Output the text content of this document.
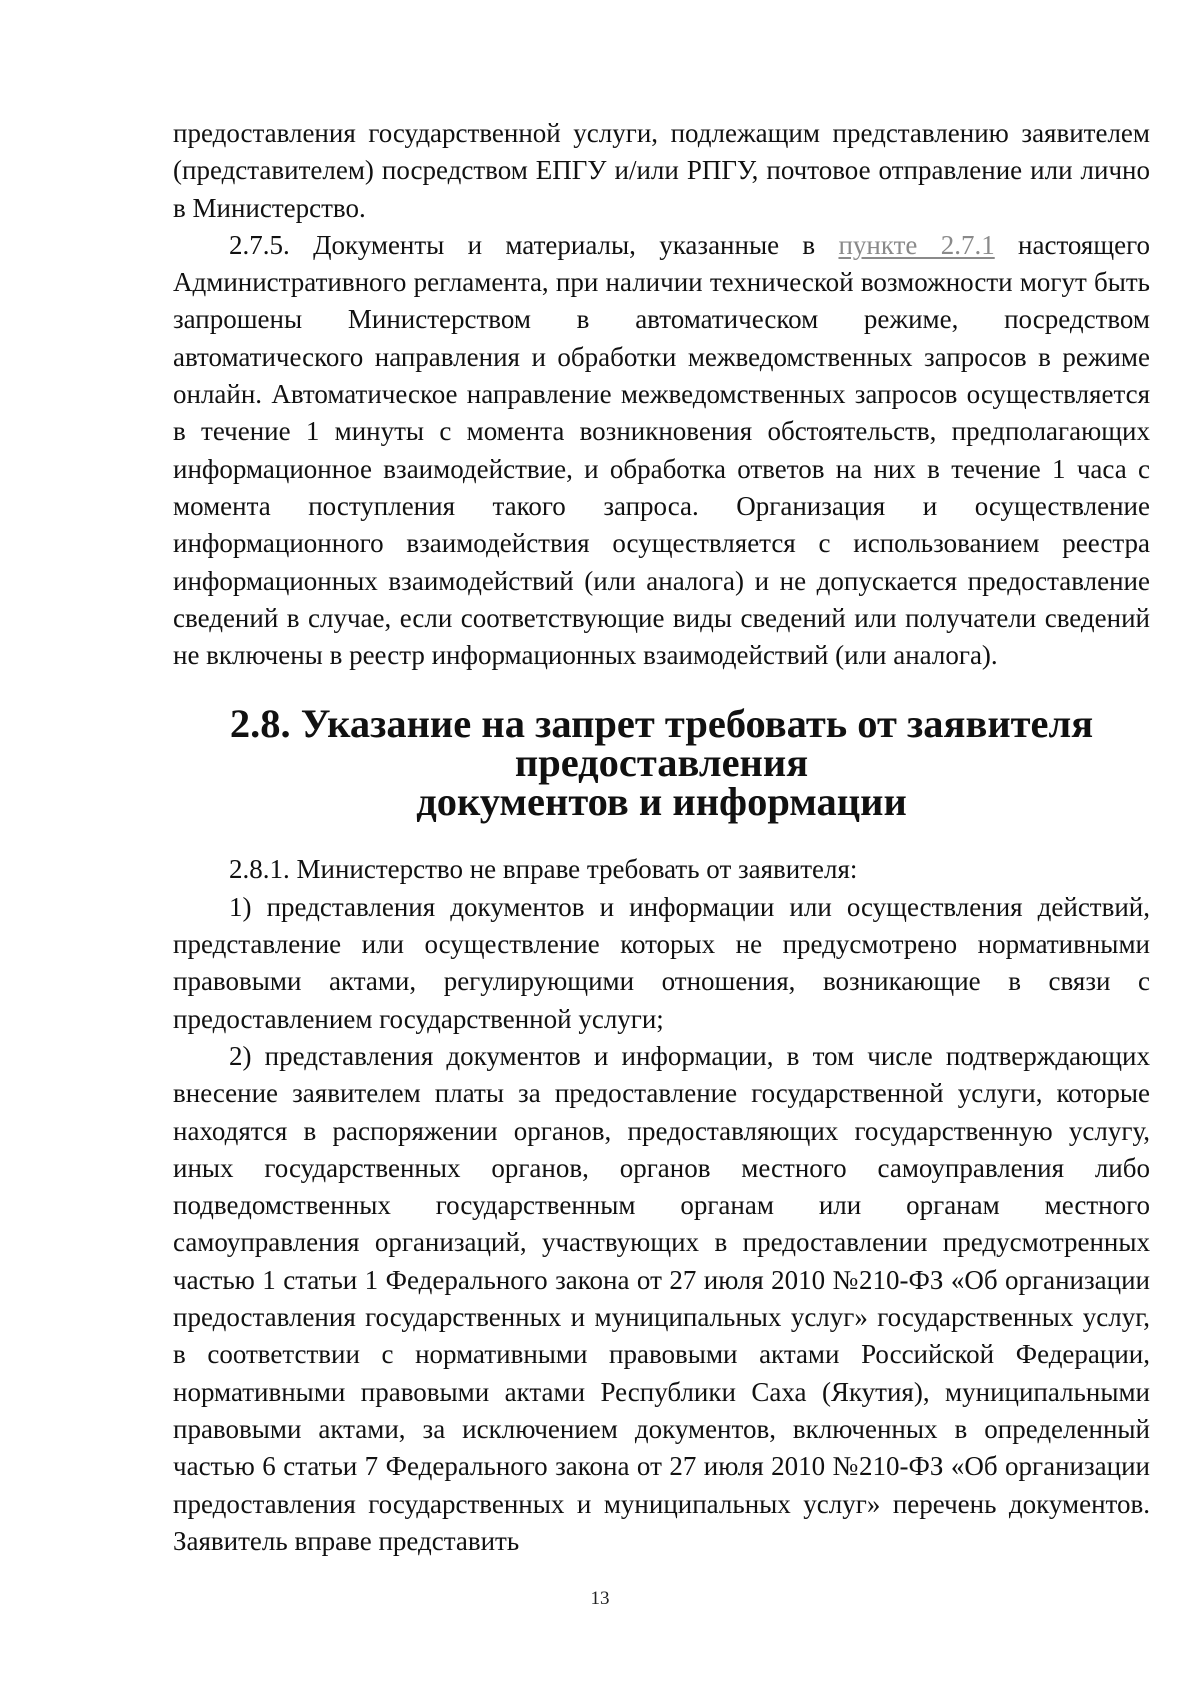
предоставления государственной услуги, подлежащим представлению заявителем (представителем) посредством ЕПГУ и/или РПГУ, почтовое отправление или лично в Министерство.

2.7.5. Документы и материалы, указанные в пункте 2.7.1 настоящего Административного регламента, при наличии технической возможности могут быть запрошены Министерством в автоматическом режиме, посредством автоматического направления и обработки межведомственных запросов в режиме онлайн. Автоматическое направление межведомственных запросов осуществляется в течение 1 минуты с момента возникновения обстоятельств, предполагающих информационное взаимодействие, и обработка ответов на них в течение 1 часа с момента поступления такого запроса. Организация и осуществление информационного взаимодействия осуществляется с использованием реестра информационных взаимодействий (или аналога) и не допускается предоставление сведений в случае, если соответствующие виды сведений или получатели сведений не включены в реестр информационных взаимодействий (или аналога).

2.8. Указание на запрет требовать от заявителя предоставления
документов и информации

2.8.1. Министерство не вправе требовать от заявителя:

1) представления документов и информации или осуществления действий, представление или осуществление которых не предусмотрено нормативными правовыми актами, регулирующими отношения, возникающие в связи с предоставлением государственной услуги;

2) представления документов и информации, в том числе подтверждающих внесение заявителем платы за предоставление государственной услуги, которые находятся в распоряжении органов, предоставляющих государственную услугу, иных государственных органов, органов местного самоуправления либо подведомственных государственным органам или органам местного самоуправления организаций, участвующих в предоставлении предусмотренных частью 1 статьи 1 Федерального закона от 27 июля 2010 №210-ФЗ «Об организации предоставления государственных и муниципальных услуг» государственных услуг, в соответствии с нормативными правовыми актами Российской Федерации, нормативными правовыми актами Республики Саха (Якутия), муниципальными правовыми актами, за исключением документов, включенных в определенный частью 6 статьи 7 Федерального закона от 27 июля 2010 №210-ФЗ «Об организации предоставления государственных и муниципальных услуг» перечень документов. Заявитель вправе представить

13
